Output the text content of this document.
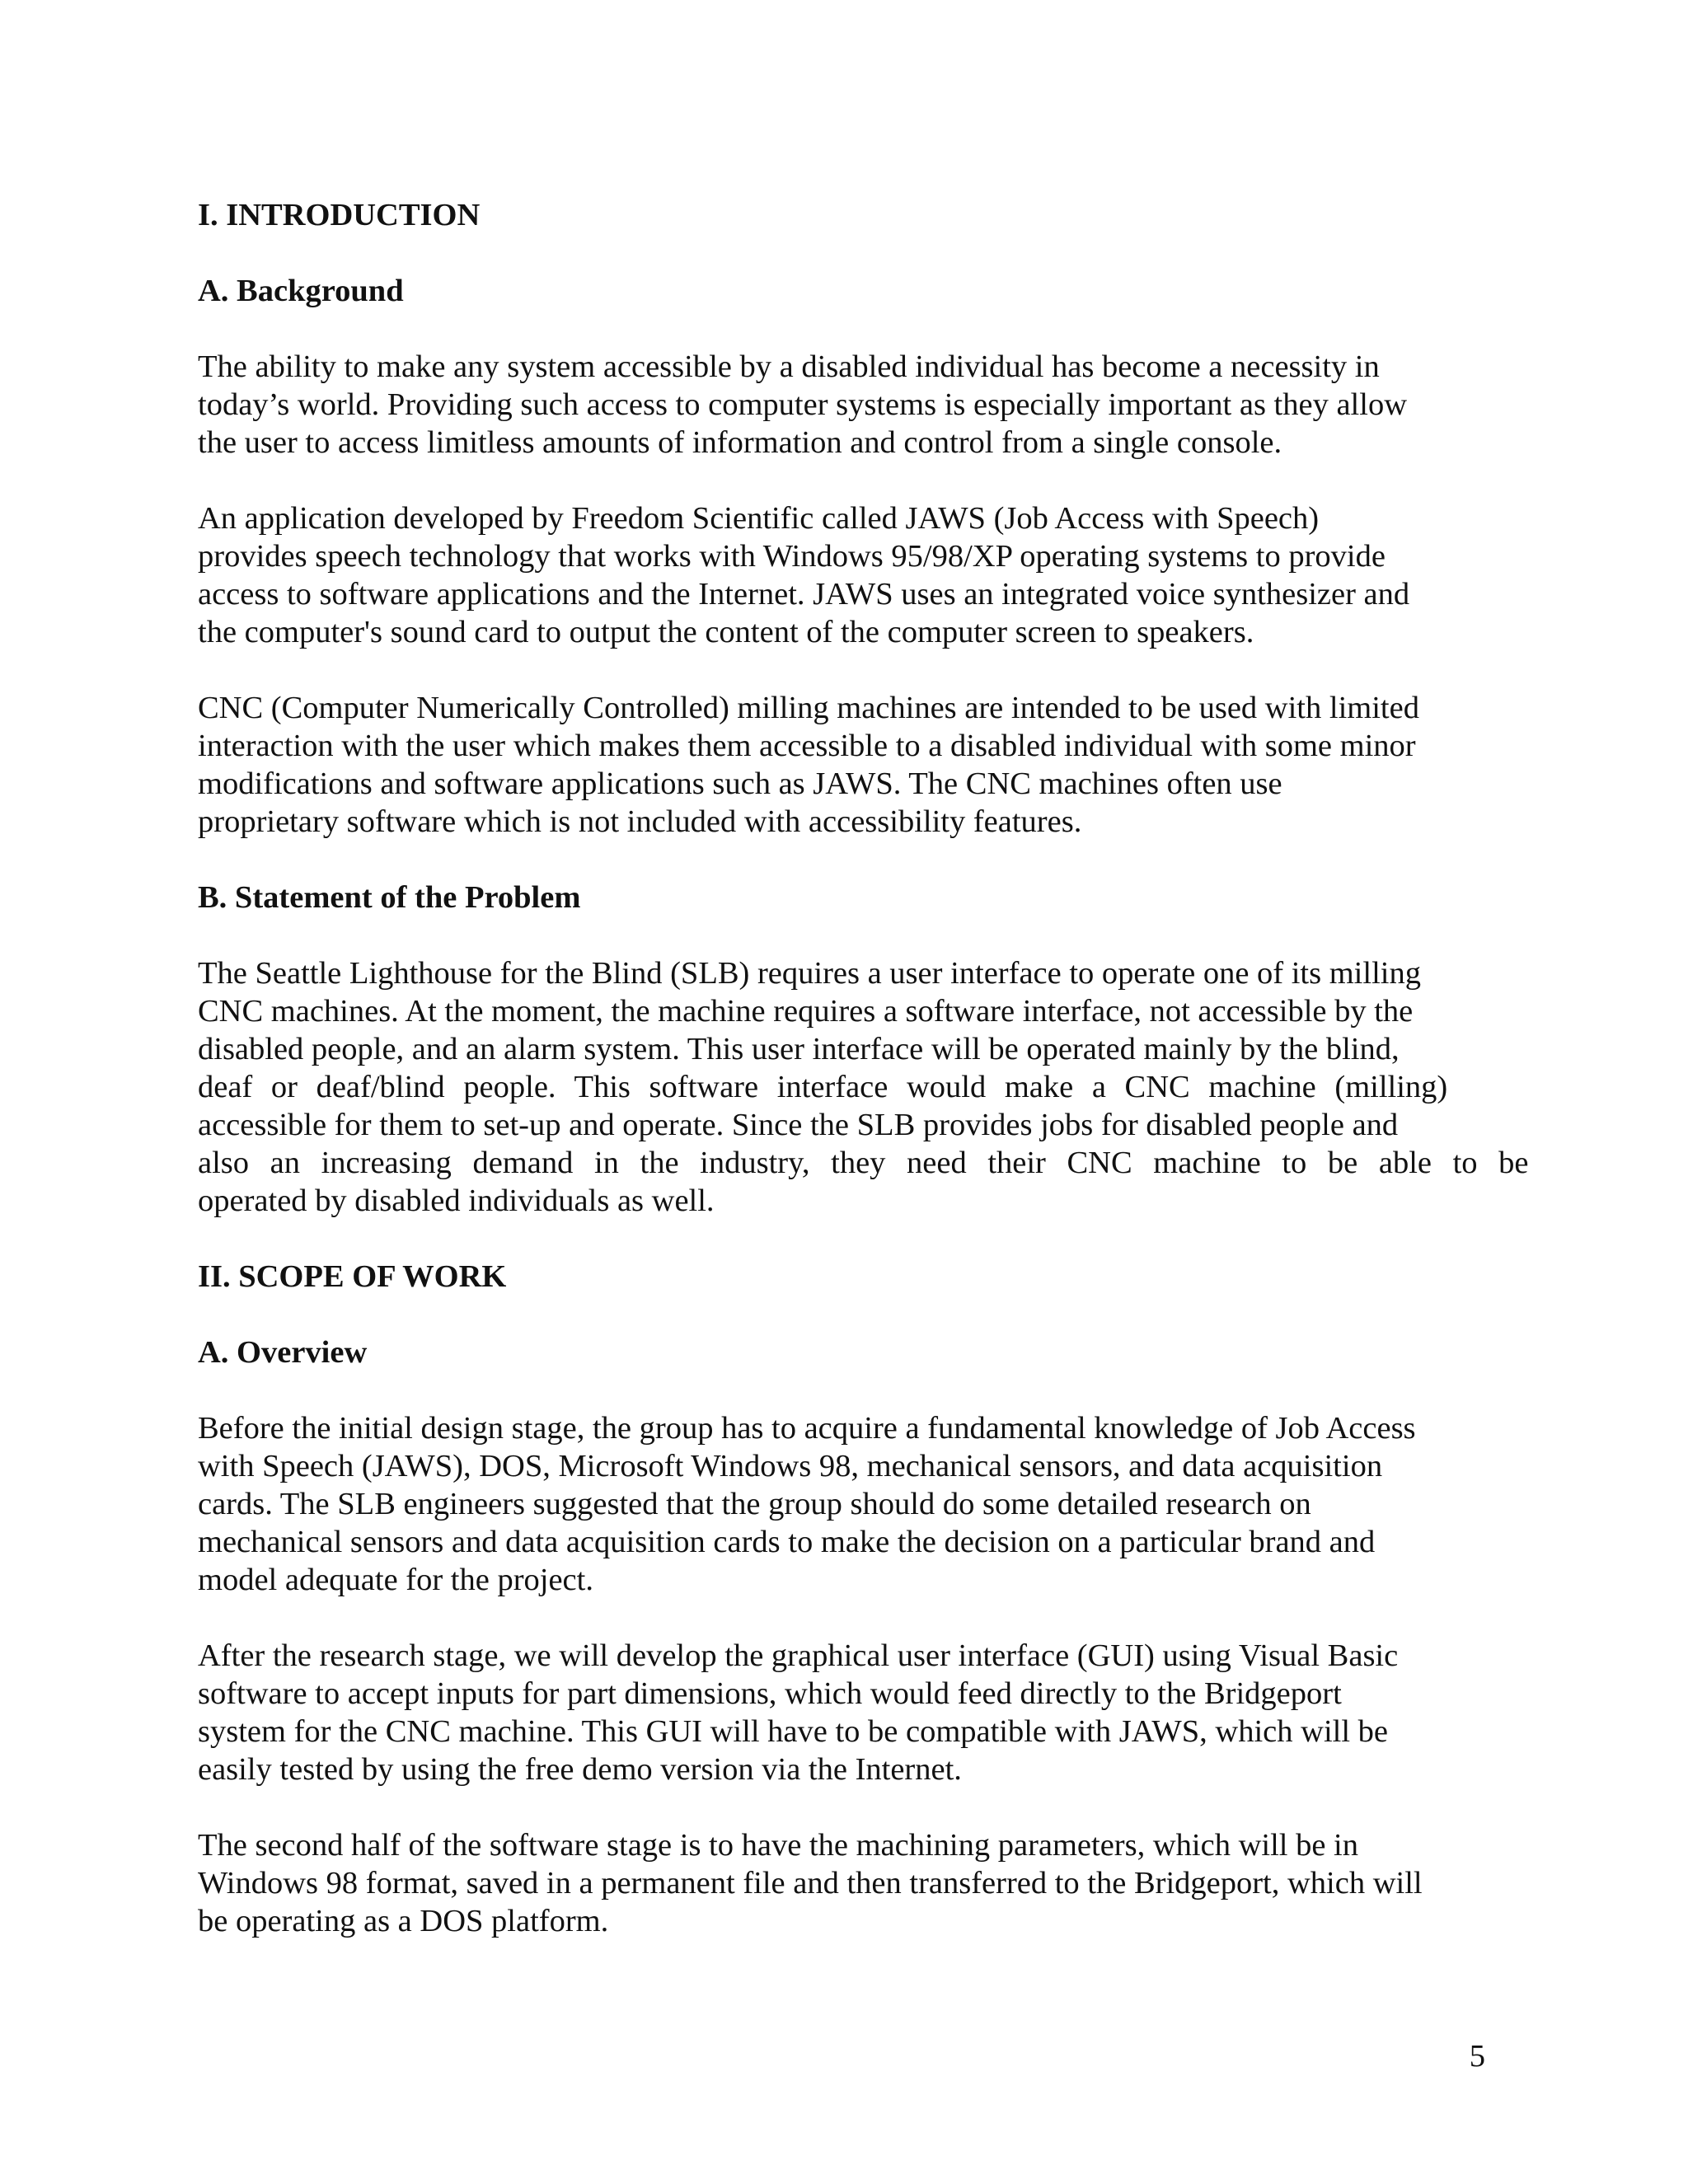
I. INTRODUCTION
A. Background
The ability to make any system accessible by a disabled individual has become a necessity in
today’s world. Providing such access to computer systems is especially important as they allow
the user to access limitless amounts of information and control from a single console.
An application developed by Freedom Scientific called JAWS (Job Access with Speech)
provides speech technology that works with Windows 95/98/XP operating systems to provide
access to software applications and the Internet. JAWS uses an integrated voice synthesizer and
the computer's sound card to output the content of the computer screen to speakers.
CNC (Computer Numerically Controlled) milling machines are intended to be used with limited
interaction with the user which makes them accessible to a disabled individual with some minor
modifications and software applications such as JAWS. The CNC machines often use
proprietary software which is not included with accessibility features.
B. Statement of the Problem
The Seattle Lighthouse for the Blind (SLB) requires a user interface to operate one of its milling
CNC machines. At the moment, the machine requires a software interface, not accessible by the
disabled people, and an alarm system. This user interface will be operated mainly by the blind,
deaf or deaf/blind people. This software interface would make a CNC machine (milling)
accessible for them to set-up and operate. Since the SLB provides jobs for disabled people and
also an increasing demand in the industry, they need their CNC machine to be able to be
operated by disabled individuals as well.
II. SCOPE OF WORK
A. Overview
Before the initial design stage, the group has to acquire a fundamental knowledge of Job Access
with Speech (JAWS), DOS, Microsoft Windows 98, mechanical sensors, and data acquisition
cards. The SLB engineers suggested that the group should do some detailed research on
mechanical sensors and data acquisition cards to make the decision on a particular brand and
model adequate for the project.
After the research stage, we will develop the graphical user interface (GUI) using Visual Basic
software to accept inputs for part dimensions, which would feed directly to the Bridgeport
system for the CNC machine. This GUI will have to be compatible with JAWS, which will be
easily tested by using the free demo version via the Internet.
The second half of the software stage is to have the machining parameters, which will be in
Windows 98 format, saved in a permanent file and then transferred to the Bridgeport, which will
be operating as a DOS platform.
5
